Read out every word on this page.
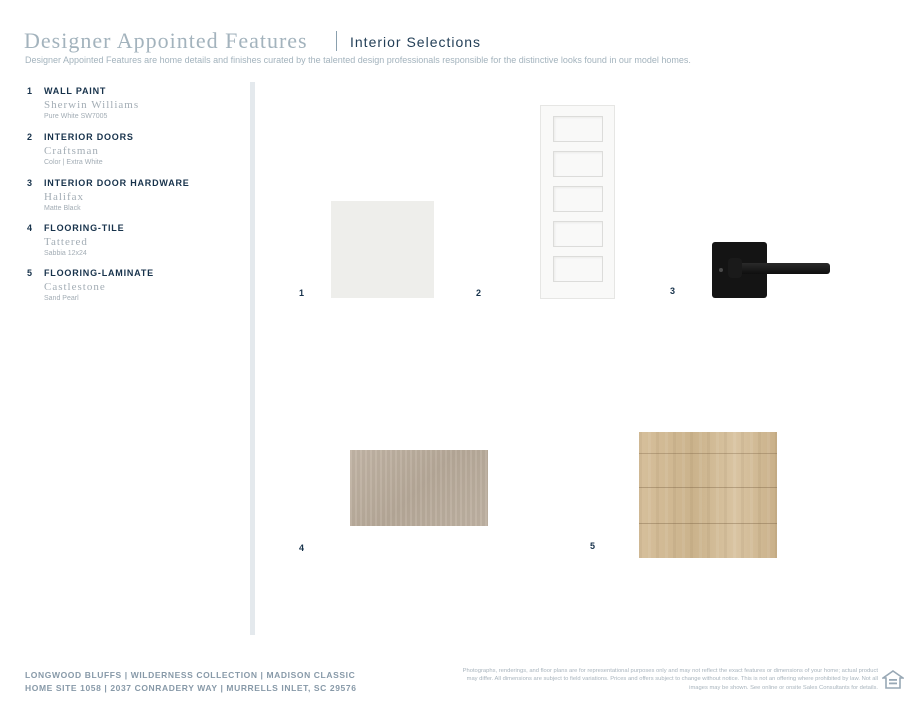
Designer Appointed Features	Interior Selections
Designer Appointed Features are home details and finishes curated by the talented design professionals responsible for the distinctive looks found in our model homes.
1 WALL PAINT
Sherwin Williams
Pure White SW7005
2 INTERIOR DOORS
Craftsman
Color | Extra White
3 INTERIOR DOOR HARDWARE
Halifax
Matte Black
4 FLOORING-TILE
Tattered
Sabbia 12x24
5 FLOORING-LAMINATE
Castlestone
Sand Pearl
1	2	3
4	5
LONGWOOD BLUFFS | WILDERNESS COLLECTION | MADISON CLASSIC
HOME SITE 1058 | 2037 CONRADERY WAY | MURRELLS INLET, SC 29576
Photographs, renderings, and floor plans are for representational purposes only and may not reflect the exact features or dimensions of your home; actual product may differ. All dimensions are subject to field variations. Prices and offers subject to change without notice. This is not an offering where prohibited by law. Not all images may be shown. See online or onsite Sales Consultants for details.
